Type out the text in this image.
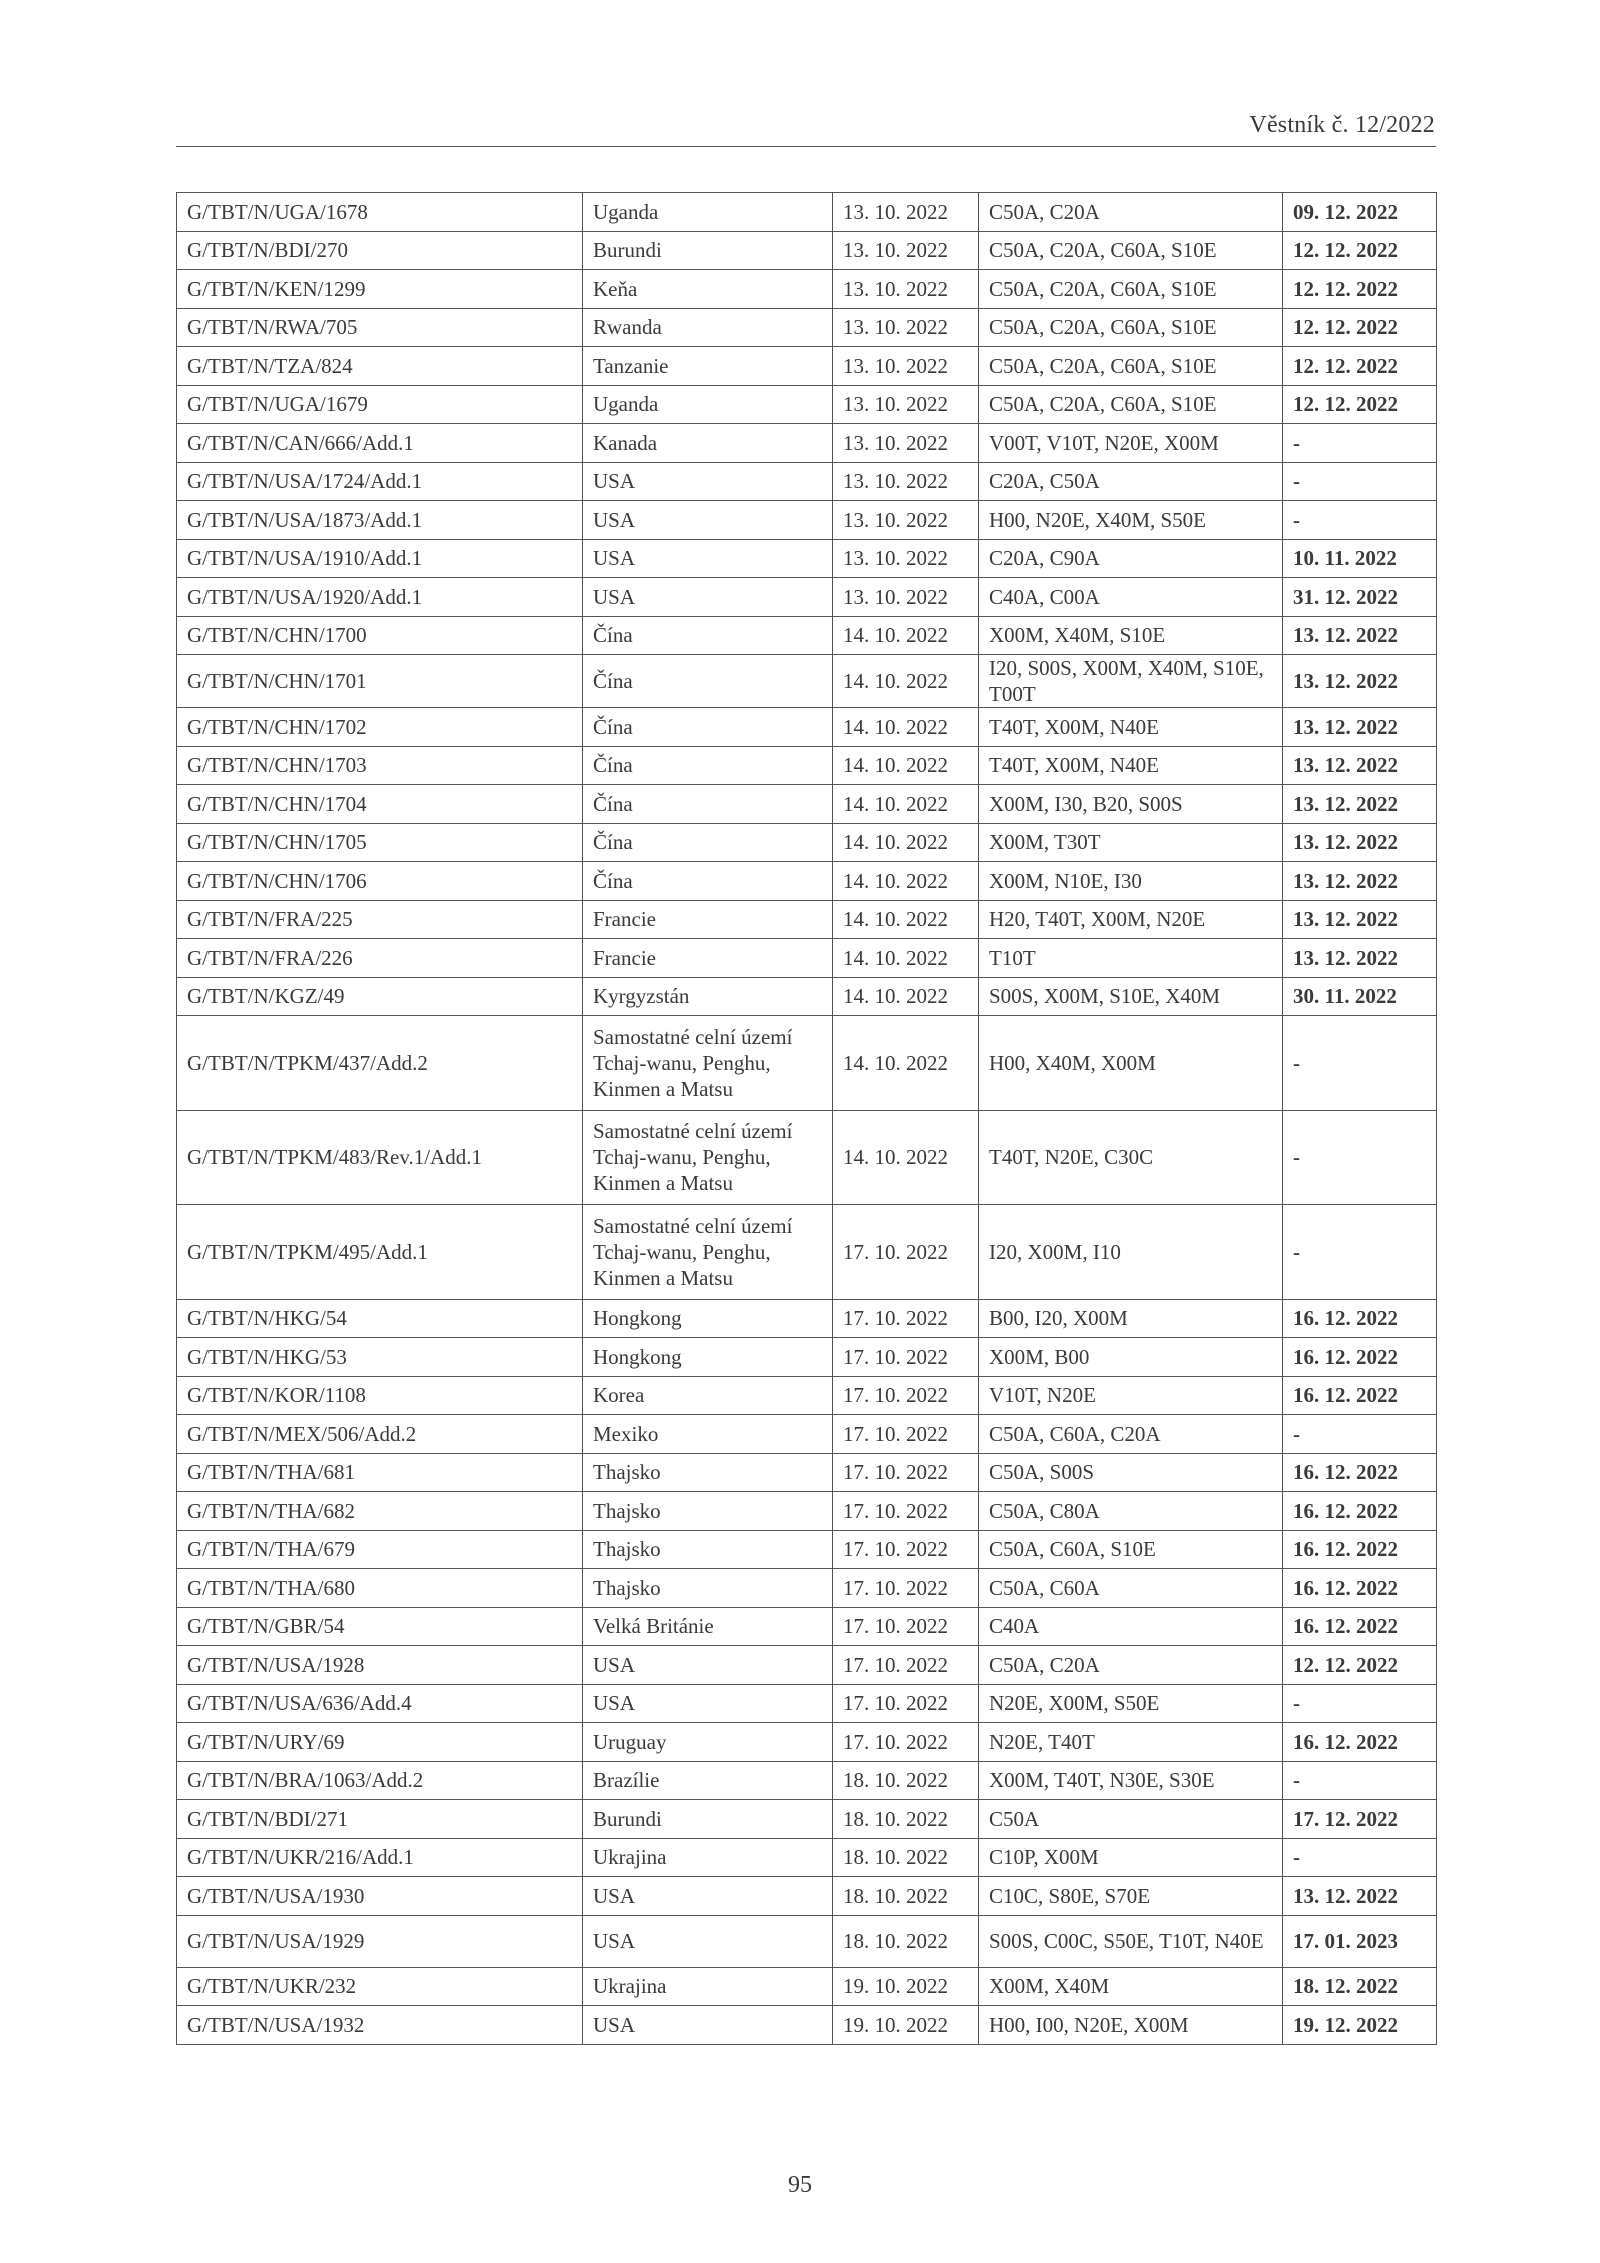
Věstník č. 12/2022
G/TBT/N/UGA/1678	Uganda	13. 10. 2022	C50A, C20A	09. 12. 2022
G/TBT/N/BDI/270	Burundi	13. 10. 2022	C50A, C20A, C60A, S10E	12. 12. 2022
G/TBT/N/KEN/1299	Keňa	13. 10. 2022	C50A, C20A, C60A, S10E	12. 12. 2022
G/TBT/N/RWA/705	Rwanda	13. 10. 2022	C50A, C20A, C60A, S10E	12. 12. 2022
G/TBT/N/TZA/824	Tanzanie	13. 10. 2022	C50A, C20A, C60A, S10E	12. 12. 2022
G/TBT/N/UGA/1679	Uganda	13. 10. 2022	C50A, C20A, C60A, S10E	12. 12. 2022
G/TBT/N/CAN/666/Add.1	Kanada	13. 10. 2022	V00T, V10T, N20E, X00M	-
G/TBT/N/USA/1724/Add.1	USA	13. 10. 2022	C20A, C50A	-
G/TBT/N/USA/1873/Add.1	USA	13. 10. 2022	H00, N20E, X40M, S50E	-
G/TBT/N/USA/1910/Add.1	USA	13. 10. 2022	C20A, C90A	10. 11. 2022
G/TBT/N/USA/1920/Add.1	USA	13. 10. 2022	C40A, C00A	31. 12. 2022
G/TBT/N/CHN/1700	Čína	14. 10. 2022	X00M, X40M, S10E	13. 12. 2022
G/TBT/N/CHN/1701	Čína	14. 10. 2022	I20, S00S, X00M, X40M, S10E, T00T	13. 12. 2022
G/TBT/N/CHN/1702	Čína	14. 10. 2022	T40T, X00M, N40E	13. 12. 2022
G/TBT/N/CHN/1703	Čína	14. 10. 2022	T40T, X00M, N40E	13. 12. 2022
G/TBT/N/CHN/1704	Čína	14. 10. 2022	X00M, I30, B20, S00S	13. 12. 2022
G/TBT/N/CHN/1705	Čína	14. 10. 2022	X00M, T30T	13. 12. 2022
G/TBT/N/CHN/1706	Čína	14. 10. 2022	X00M, N10E, I30	13. 12. 2022
G/TBT/N/FRA/225	Francie	14. 10. 2022	H20, T40T, X00M, N20E	13. 12. 2022
G/TBT/N/FRA/226	Francie	14. 10. 2022	T10T	13. 12. 2022
G/TBT/N/KGZ/49	Kyrgyzstán	14. 10. 2022	S00S, X00M, S10E, X40M	30. 11. 2022
G/TBT/N/TPKM/437/Add.2	Samostatné celní území Tchaj-wanu, Penghu, Kinmen a Matsu	14. 10. 2022	H00, X40M, X00M	-
G/TBT/N/TPKM/483/Rev.1/Add.1	Samostatné celní území Tchaj-wanu, Penghu, Kinmen a Matsu	14. 10. 2022	T40T, N20E, C30C	-
G/TBT/N/TPKM/495/Add.1	Samostatné celní území Tchaj-wanu, Penghu, Kinmen a Matsu	17. 10. 2022	I20, X00M, I10	-
G/TBT/N/HKG/54	Hongkong	17. 10. 2022	B00, I20, X00M	16. 12. 2022
G/TBT/N/HKG/53	Hongkong	17. 10. 2022	X00M, B00	16. 12. 2022
G/TBT/N/KOR/1108	Korea	17. 10. 2022	V10T, N20E	16. 12. 2022
G/TBT/N/MEX/506/Add.2	Mexiko	17. 10. 2022	C50A, C60A, C20A	-
G/TBT/N/THA/681	Thajsko	17. 10. 2022	C50A, S00S	16. 12. 2022
G/TBT/N/THA/682	Thajsko	17. 10. 2022	C50A, C80A	16. 12. 2022
G/TBT/N/THA/679	Thajsko	17. 10. 2022	C50A, C60A, S10E	16. 12. 2022
G/TBT/N/THA/680	Thajsko	17. 10. 2022	C50A, C60A	16. 12. 2022
G/TBT/N/GBR/54	Velká Británie	17. 10. 2022	C40A	16. 12. 2022
G/TBT/N/USA/1928	USA	17. 10. 2022	C50A, C20A	12. 12. 2022
G/TBT/N/USA/636/Add.4	USA	17. 10. 2022	N20E, X00M, S50E	-
G/TBT/N/URY/69	Uruguay	17. 10. 2022	N20E, T40T	16. 12. 2022
G/TBT/N/BRA/1063/Add.2	Brazílie	18. 10. 2022	X00M, T40T, N30E, S30E	-
G/TBT/N/BDI/271	Burundi	18. 10. 2022	C50A	17. 12. 2022
G/TBT/N/UKR/216/Add.1	Ukrajina	18. 10. 2022	C10P, X00M	-
G/TBT/N/USA/1930	USA	18. 10. 2022	C10C, S80E, S70E	13. 12. 2022
G/TBT/N/USA/1929	USA	18. 10. 2022	S00S, C00C, S50E, T10T, N40E	17. 01. 2023
G/TBT/N/UKR/232	Ukrajina	19. 10. 2022	X00M, X40M	18. 12. 2022
G/TBT/N/USA/1932	USA	19. 10. 2022	H00, I00, N20E, X00M	19. 12. 2022
95
